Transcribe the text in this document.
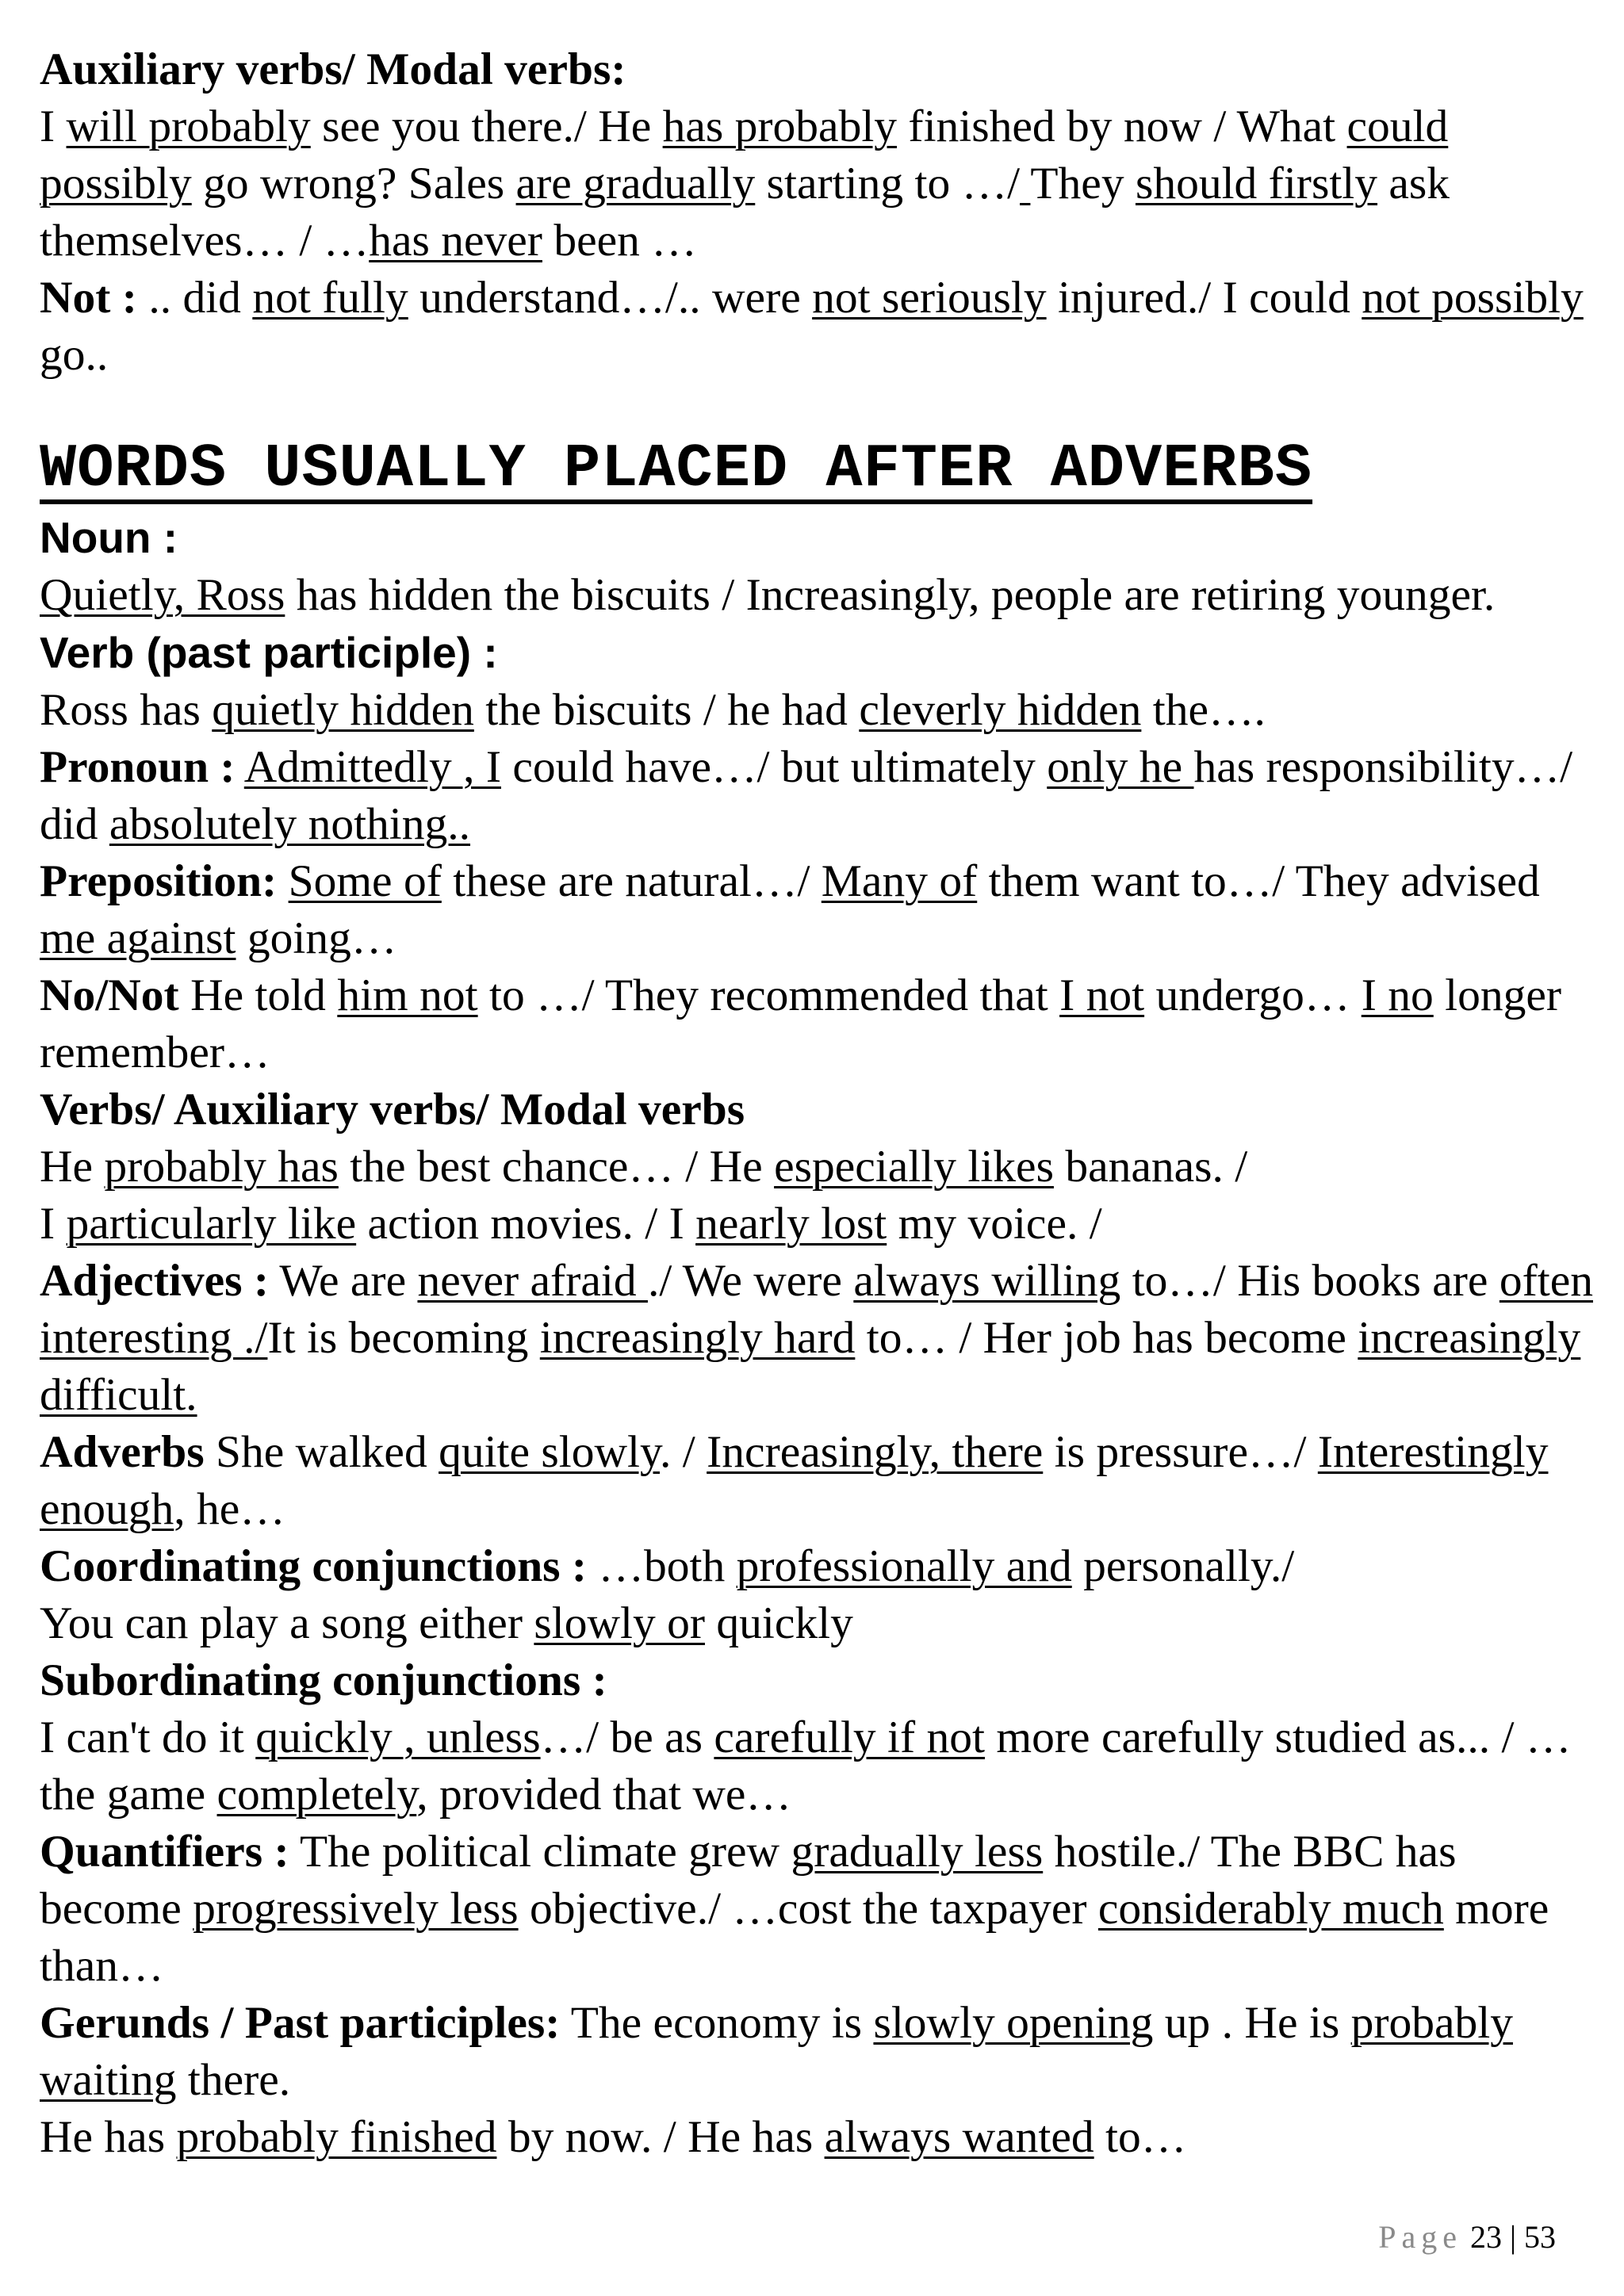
Auxiliary verbs/ Modal verbs:
I will probably see you there./ He has probably finished by now / What could possibly go wrong? Sales are gradually starting to …/ They should firstly ask themselves… / …has never been …

Not : .. did not fully understand…/.. were not seriously injured./ I could not possibly go..

WORDS USUALLY PLACED AFTER ADVERBS

Noun :
Quietly, Ross has hidden the biscuits / Increasingly, people are retiring younger.

Verb (past participle) :
Ross has quietly hidden the biscuits / he had cleverly hidden the….

Pronoun : Admittedly , I could have…/ but ultimately only he has responsibility…/ did absolutely nothing..

Preposition: Some of these are natural…/ Many of them want to…/ They advised me against going…

No/Not He told him not to …/ They recommended that I not undergo… I no longer remember…

Verbs/ Auxiliary verbs/ Modal verbs
He probably has the best chance… / He especially likes bananas. /
I particularly like action movies. / I nearly lost my voice. /

Adjectives : We are never afraid ./ We were always willing to…/ His books are often interesting ./It is becoming increasingly hard to… / Her job has become increasingly difficult.

Adverbs She walked quite slowly. / Increasingly, there is pressure…/ Interestingly enough, he…

Coordinating conjunctions : …both professionally and personally./

You can play a song either slowly or quickly

Subordinating conjunctions :
I can't do it quickly , unless…/ be as carefully if not more carefully studied as... / …the game completely, provided that we…

Quantifiers : The political climate grew gradually less hostile./ The BBC has become progressively less objective./ …cost the taxpayer considerably much more than…

Gerunds / Past participles: The economy is slowly opening up . He is probably waiting there.

He has probably finished by now. / He has always wanted to…

Page 23 | 53
